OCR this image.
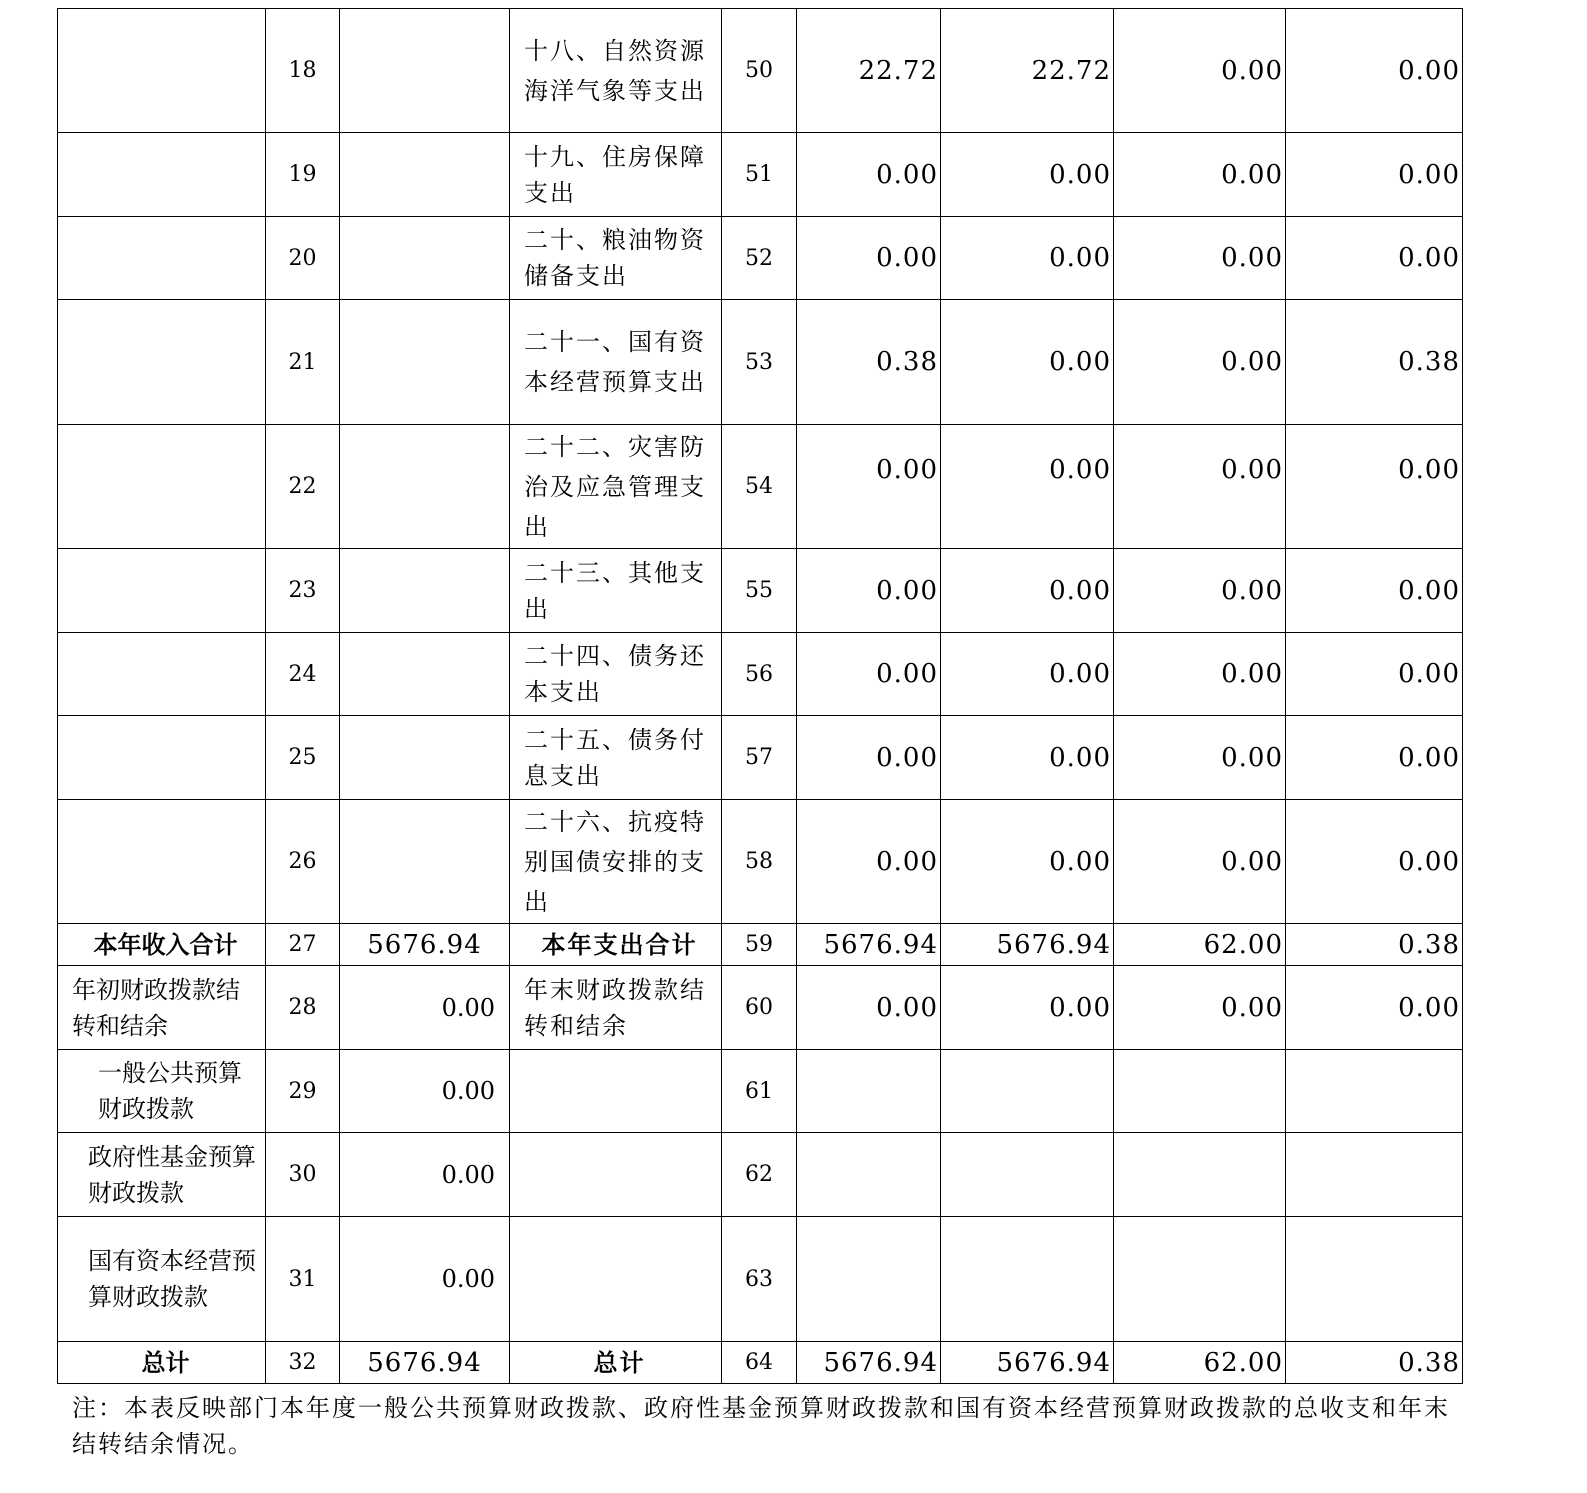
	18		十八、自然资源海洋气象等支出	50	22.72	22.72	0.00	0.00
	19		十九、住房保障支出	51	0.00	0.00	0.00	0.00
	20		二十、粮油物资储备支出	52	0.00	0.00	0.00	0.00
	21		二十一、国有资本经营预算支出	53	0.38	0.00	0.00	0.38
	22		二十二、灾害防治及应急管理支出	54	0.00	0.00	0.00	0.00
	23		二十三、其他支出	55	0.00	0.00	0.00	0.00
	24		二十四、债务还本支出	56	0.00	0.00	0.00	0.00
	25		二十五、债务付息支出	57	0.00	0.00	0.00	0.00
	26		二十六、抗疫特别国债安排的支出	58	0.00	0.00	0.00	0.00
本年收入合计	27	5676.94	本年支出合计	59	5676.94	5676.94	62.00	0.38
年初财政拨款结转和结余	28	0.00	年末财政拨款结转和结余	60	0.00	0.00	0.00	0.00
一般公共预算财政拨款	29	0.00		61				
政府性基金预算财政拨款	30	0.00		62				
国有资本经营预算财政拨款	31	0.00		63				
总计	32	5676.94	总计	64	5676.94	5676.94	62.00	0.38
注：本表反映部门本年度一般公共预算财政拨款、政府性基金预算财政拨款和国有资本经营预算财政拨款的总收支和年末结转结余情况。
